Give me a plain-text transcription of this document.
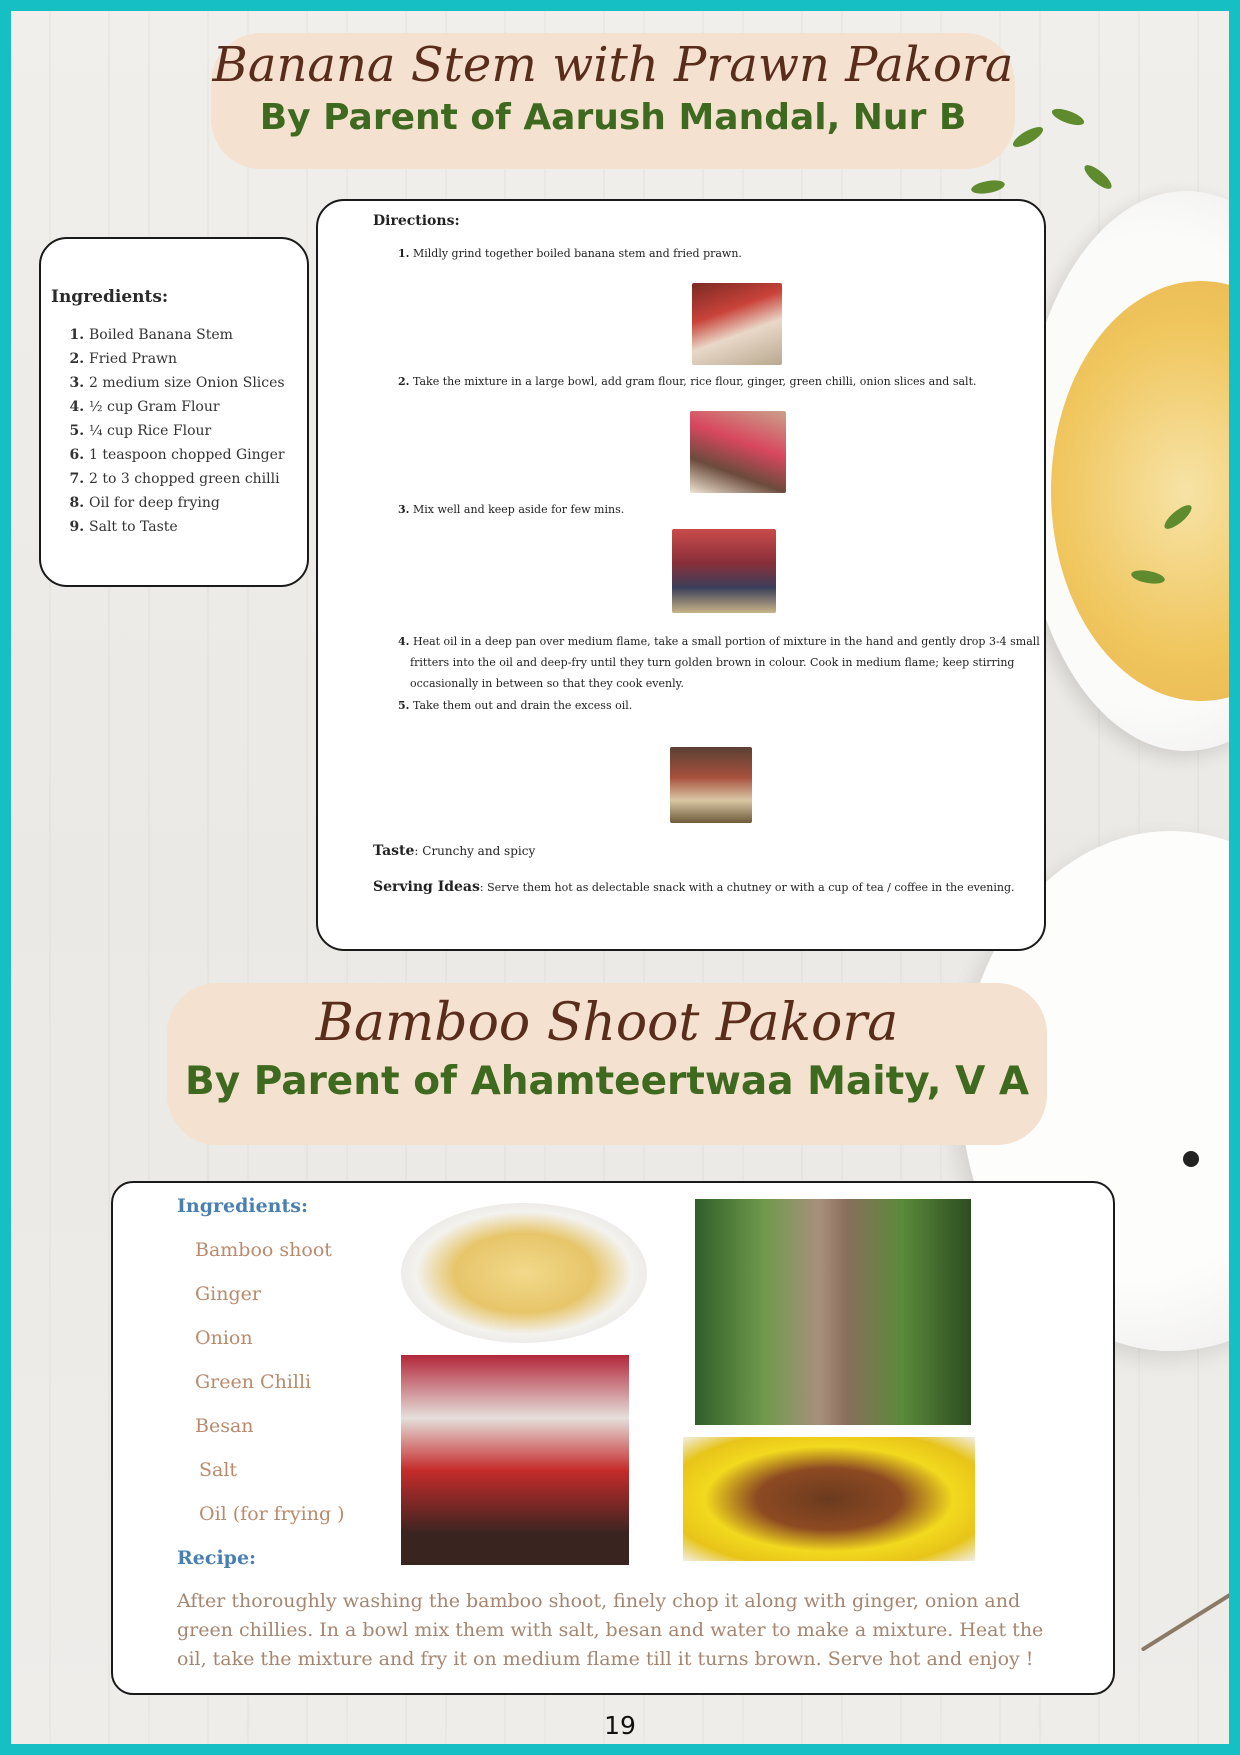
Banana Stem with Prawn Pakora
By Parent of Aarush Mandal, Nur B
Ingredients:
1. Boiled Banana Stem
2. Fried Prawn
3. 2 medium size Onion Slices
4. ½ cup Gram Flour
5. ¼ cup Rice Flour
6. 1 teaspoon chopped Ginger
7. 2 to 3 chopped green chilli
8. Oil for deep frying
9. Salt to Taste
Directions:
1. Mildly grind together boiled banana stem and fried prawn.
2. Take the mixture in a large bowl, add gram flour, rice flour, ginger, green chilli, onion slices and salt.
3. Mix well and keep aside for few mins.
4. Heat oil in a deep pan over medium flame, take a small portion of mixture in the hand and gently drop 3-4 small fritters into the oil and deep-fry until they turn golden brown in colour. Cook in medium flame; keep stirring occasionally in between so that they cook evenly.
5. Take them out and drain the excess oil.
Taste: Crunchy and spicy
Serving Ideas: Serve them hot as delectable snack with a chutney or with a cup of tea / coffee in the evening.
Bamboo Shoot Pakora
By Parent of Ahamteertwaa Maity, V A
Ingredients:
Bamboo shoot
Ginger
Onion
Green Chilli
Besan
Salt
Oil (for frying )
Recipe:
After thoroughly washing the bamboo shoot, finely chop it along with ginger, onion and green chillies. In a bowl mix them with salt, besan and water to make a mixture. Heat the oil, take the mixture and fry it on medium flame till it turns brown. Serve hot and enjoy !
19
